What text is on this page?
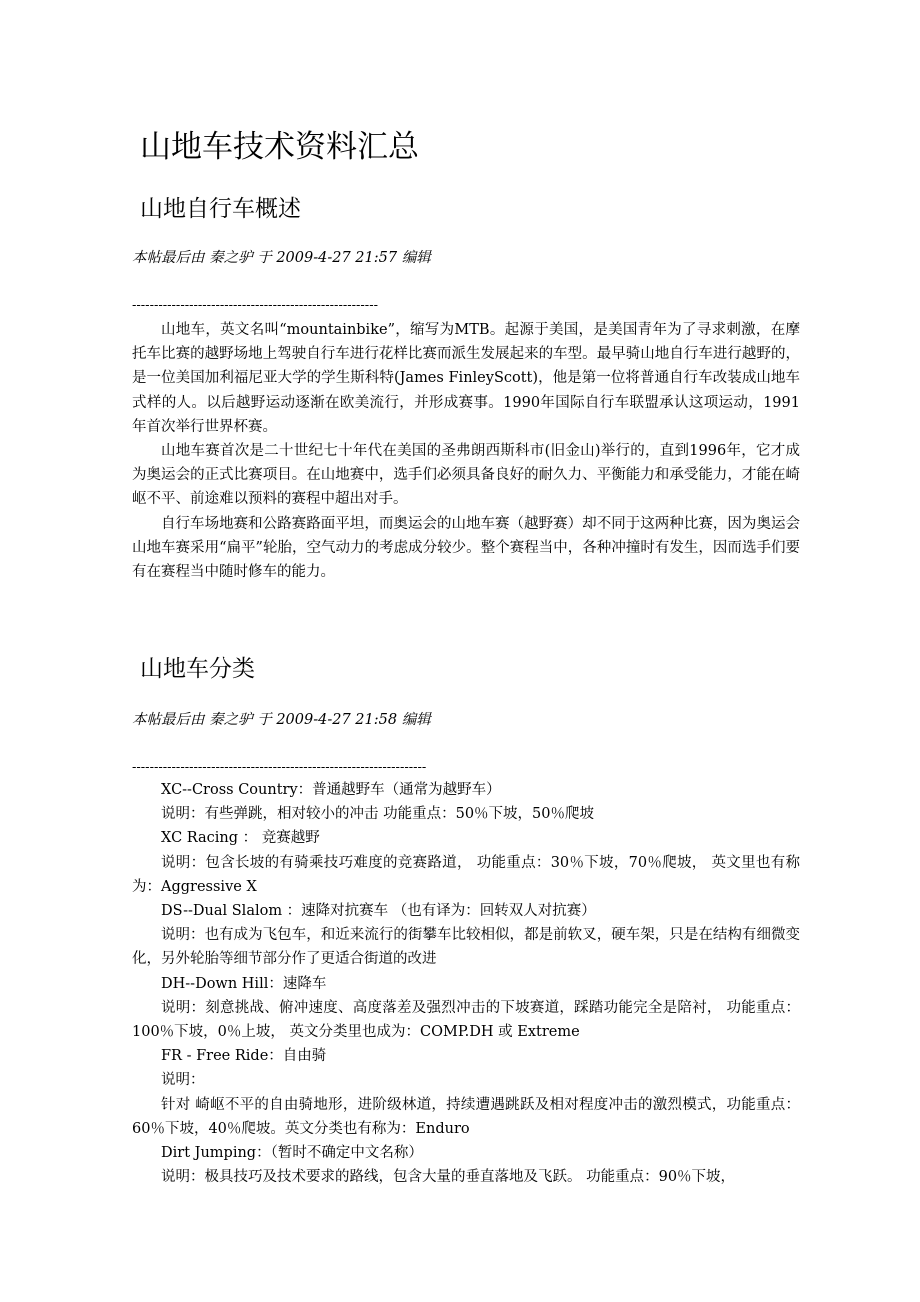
山地车技术资料汇总
山地自行车概述
本帖最后由 秦之驴 于 2009-4-27 21:57 编辑
--------------------------------------------------------

山地车，英文名叫“mountainbike”，缩写为MTB。起源于美国，是美国青年为了寻求刺激，在摩托车比赛的越野场地上驾驶自行车进行花样比赛而派生发展起来的车型。最早骑山地自行车进行越野的，是一位美国加利福尼亚大学的学生斯科特(James FinleyScott)，他是第一位将普通自行车改装成山地车式样的人。以后越野运动逐渐在欧美流行，并形成赛事。1990年国际自行车联盟承认这项运动，1991年首次举行世界杯赛。

山地车赛首次是二十世纪七十年代在美国的圣弗朗西斯科市(旧金山)举行的，直到1996年，它才成为奥运会的正式比赛项目。在山地赛中，选手们必须具备良好的耐久力、平衡能力和承受能力，才能在崎岖不平、前途难以预料的赛程中超出对手。

自行车场地赛和公路赛路面平坦，而奥运会的山地车赛（越野赛）却不同于这两种比赛，因为奥运会山地车赛采用“扁平”轮胎，空气动力的考虑成分较少。整个赛程当中，各种冲撞时有发生，因而选手们要有在赛程当中随时修车的能力。

山地车分类
本帖最后由 秦之驴 于 2009-4-27 21:58 编辑
-------------------------------------------------------------------

XC--Cross Country：普通越野车（通常为越野车）

说明：有些弹跳，相对较小的冲击 功能重点：50％下坡，50％爬坡

XC Racing ： 竞赛越野

说明：包含长坡的有骑乘技巧难度的竞赛路道， 功能重点：30％下坡，70％爬坡， 英文里也有称为：Aggressive X

DS--Dual Slalom ：速降对抗赛车 （也有译为：回转双人对抗赛）

说明：也有成为飞包车，和近来流行的街攀车比较相似，都是前软叉，硬车架，只是在结构有细微变化，另外轮胎等细节部分作了更适合街道的改进

DH--Down Hill：速降车

说明：刻意挑战、俯冲速度、高度落差及强烈冲击的下坡赛道，踩踏功能完全是陪衬， 功能重点：100％下坡，0％上坡， 英文分类里也成为：COMP.DH 或 Extreme

FR - Free Ride：自由骑

说明：

针对 崎岖不平的自由骑地形，进阶级林道，持续遭遇跳跃及相对程度冲击的激烈模式，功能重点：60％下坡，40％爬坡。英文分类也有称为：Enduro

Dirt Jumping：（暂时不确定中文名称）

说明：极具技巧及技术要求的路线，包含大量的垂直落地及飞跃。 功能重点：90％下坡，
